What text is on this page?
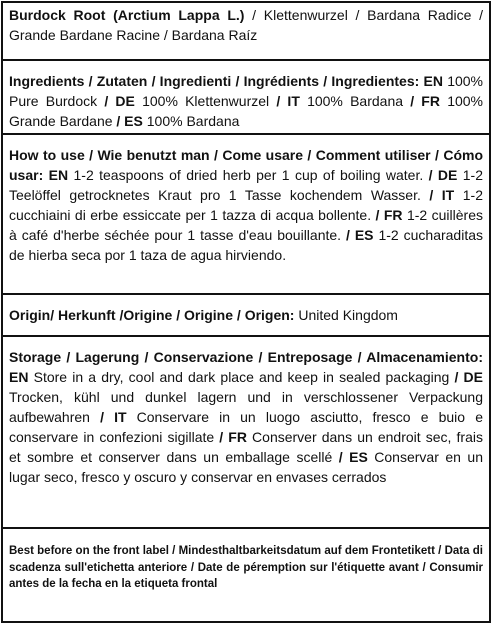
Burdock Root (Arctium Lappa L.) / Klettenwurzel / Bardana Radice / Grande Bardane Racine / Bardana Raíz
Ingredients / Zutaten / Ingredienti / Ingrédients / Ingredientes: EN 100% Pure Burdock / DE 100% Klettenwurzel / IT 100% Bardana / FR 100% Grande Bardane / ES 100% Bardana
How to use / Wie benutzt man / Come usare / Comment utiliser / Cómo usar: EN 1-2 teaspoons of dried herb per 1 cup of boiling water. / DE 1-2 Teelöffel getrocknetes Kraut pro 1 Tasse kochendem Wasser. / IT 1-2 cucchiaini di erbe essiccate per 1 tazza di acqua bollente. / FR 1-2 cuillères à café d'herbe séchée pour 1 tasse d'eau bouillante. / ES 1-2 cucharaditas de hierba seca por 1 taza de agua hirviendo.
Origin/ Herkunft /Origine / Origine / Origen: United Kingdom
Storage / Lagerung / Conservazione / Entreposage / Almacenamiento: EN Store in a dry, cool and dark place and keep in sealed packaging / DE Trocken, kühl und dunkel lagern und in verschlossener Verpackung aufbewahren / IT Conservare in un luogo asciutto, fresco e buio e conservare in confezioni sigillate / FR Conserver dans un endroit sec, frais et sombre et conserver dans un emballage scellé / ES Conservar en un lugar seco, fresco y oscuro y conservar en envases cerrados
Best before on the front label / Mindesthaltbarkeitsdatum auf dem Frontetikett / Data di scadenza sull'etichetta anteriore / Date de péremption sur l'étiquette avant / Consumir antes de la fecha en la etiqueta frontal
